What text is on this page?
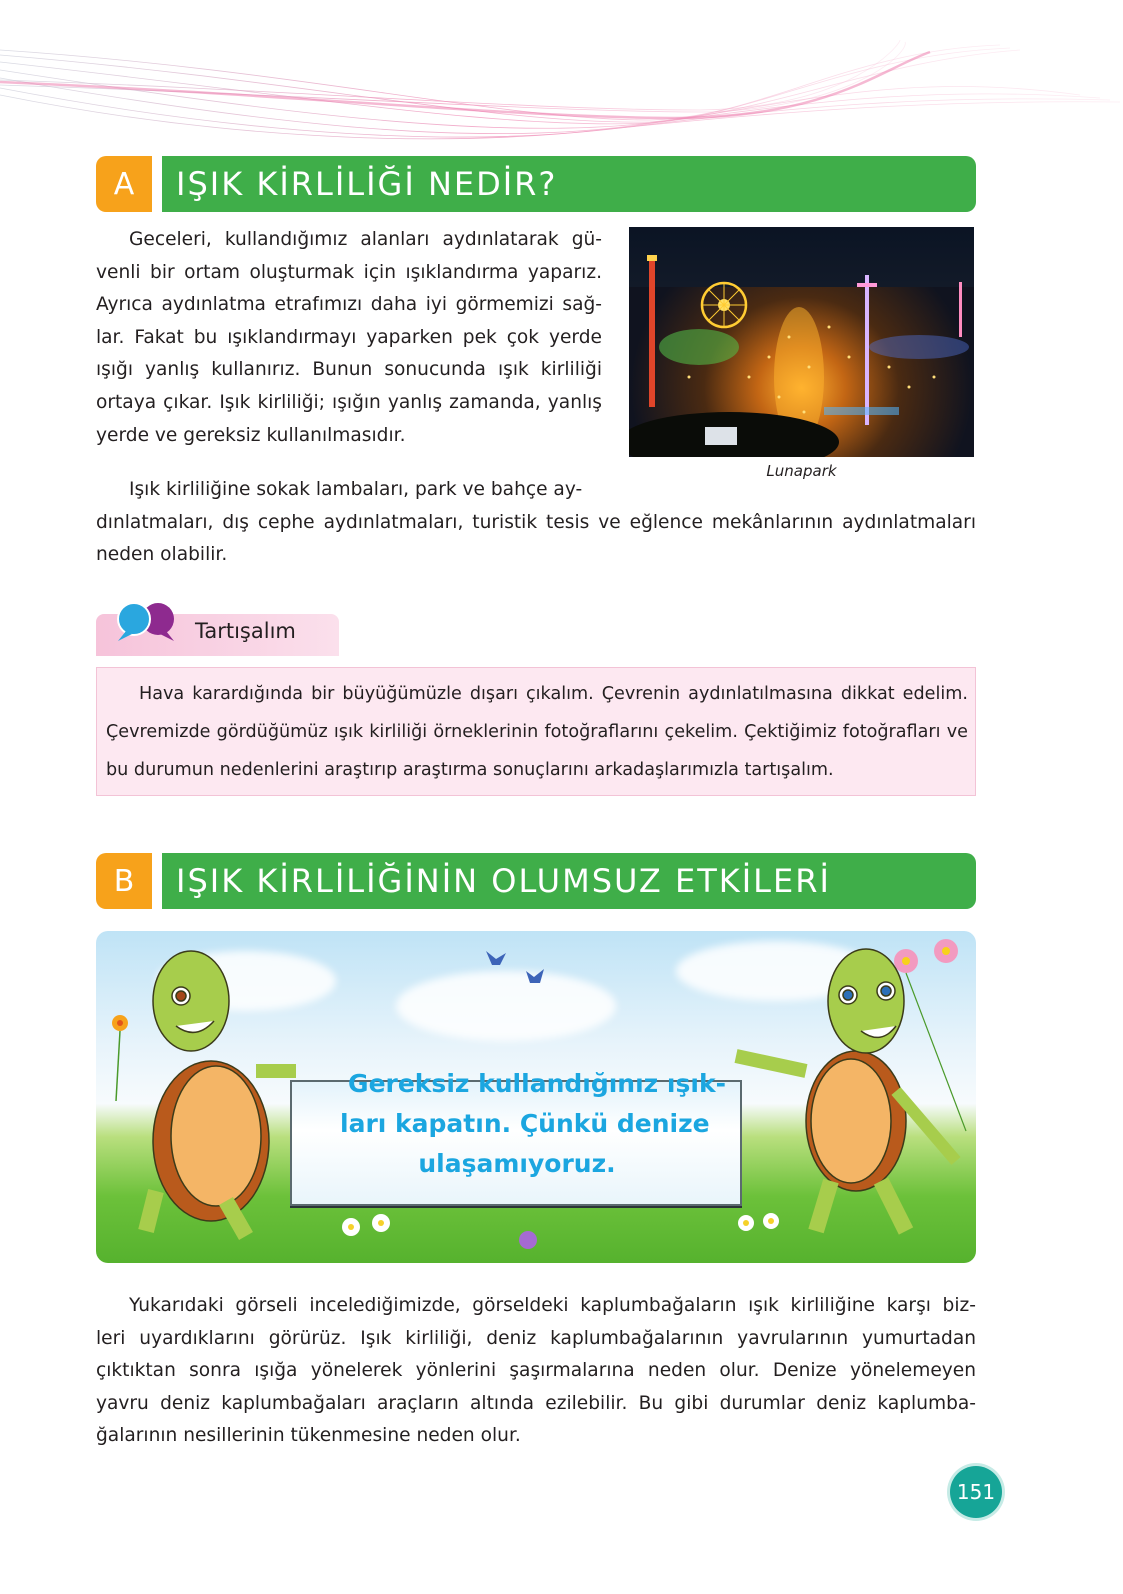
A	IŞIK KİRLİLİĞİ NEDİR?
Geceleri, kullandığımız alanları aydınlatarak gü-
venli bir ortam oluşturmak için ışıklandırma yaparız.
Ayrıca aydınlatma etrafımızı daha iyi görmemizi sağ-
lar. Fakat bu ışıklandırmayı yaparken pek çok yerde
ışığı yanlış kullanırız. Bunun sonucunda ışık kirliliği
ortaya çıkar. Işık kirliliği; ışığın yanlış zamanda, yanlış
yerde ve gereksiz kullanılmasıdır.
Lunapark
Işık kirliliğine sokak lambaları, park ve bahçe ay-
dınlatmaları, dış cephe aydınlatmaları, turistik tesis ve eğlence mekânlarının aydınlatmaları
neden olabilir.
Tartışalım
Hava karardığında bir büyüğümüzle dışarı çıkalım. Çevrenin aydınlatılmasına dikkat edelim.
Çevremizde gördüğümüz ışık kirliliği örneklerinin fotoğraflarını çekelim. Çektiğimiz fotoğrafları ve
bu durumun nedenlerini araştırıp araştırma sonuçlarını arkadaşlarımızla tartışalım.
B	IŞIK KİRLİLİĞİNİN OLUMSUZ ETKİLERİ
Gereksiz kullandığınız ışık-
ları kapatın. Çünkü denize
ulaşamıyoruz.
Yukarıdaki görseli incelediğimizde, görseldeki kaplumbağaların ışık kirliliğine karşı biz-
leri uyardıklarını görürüz. Işık kirliliği, deniz kaplumbağalarının yavrularının yumurtadan
çıktıktan sonra ışığa yönelerek yönlerini şaşırmalarına neden olur. Denize yönelemeyen
yavru deniz kaplumbağaları araçların altında ezilebilir. Bu gibi durumlar deniz kaplumba-
ğalarının nesillerinin tükenmesine neden olur.
151
